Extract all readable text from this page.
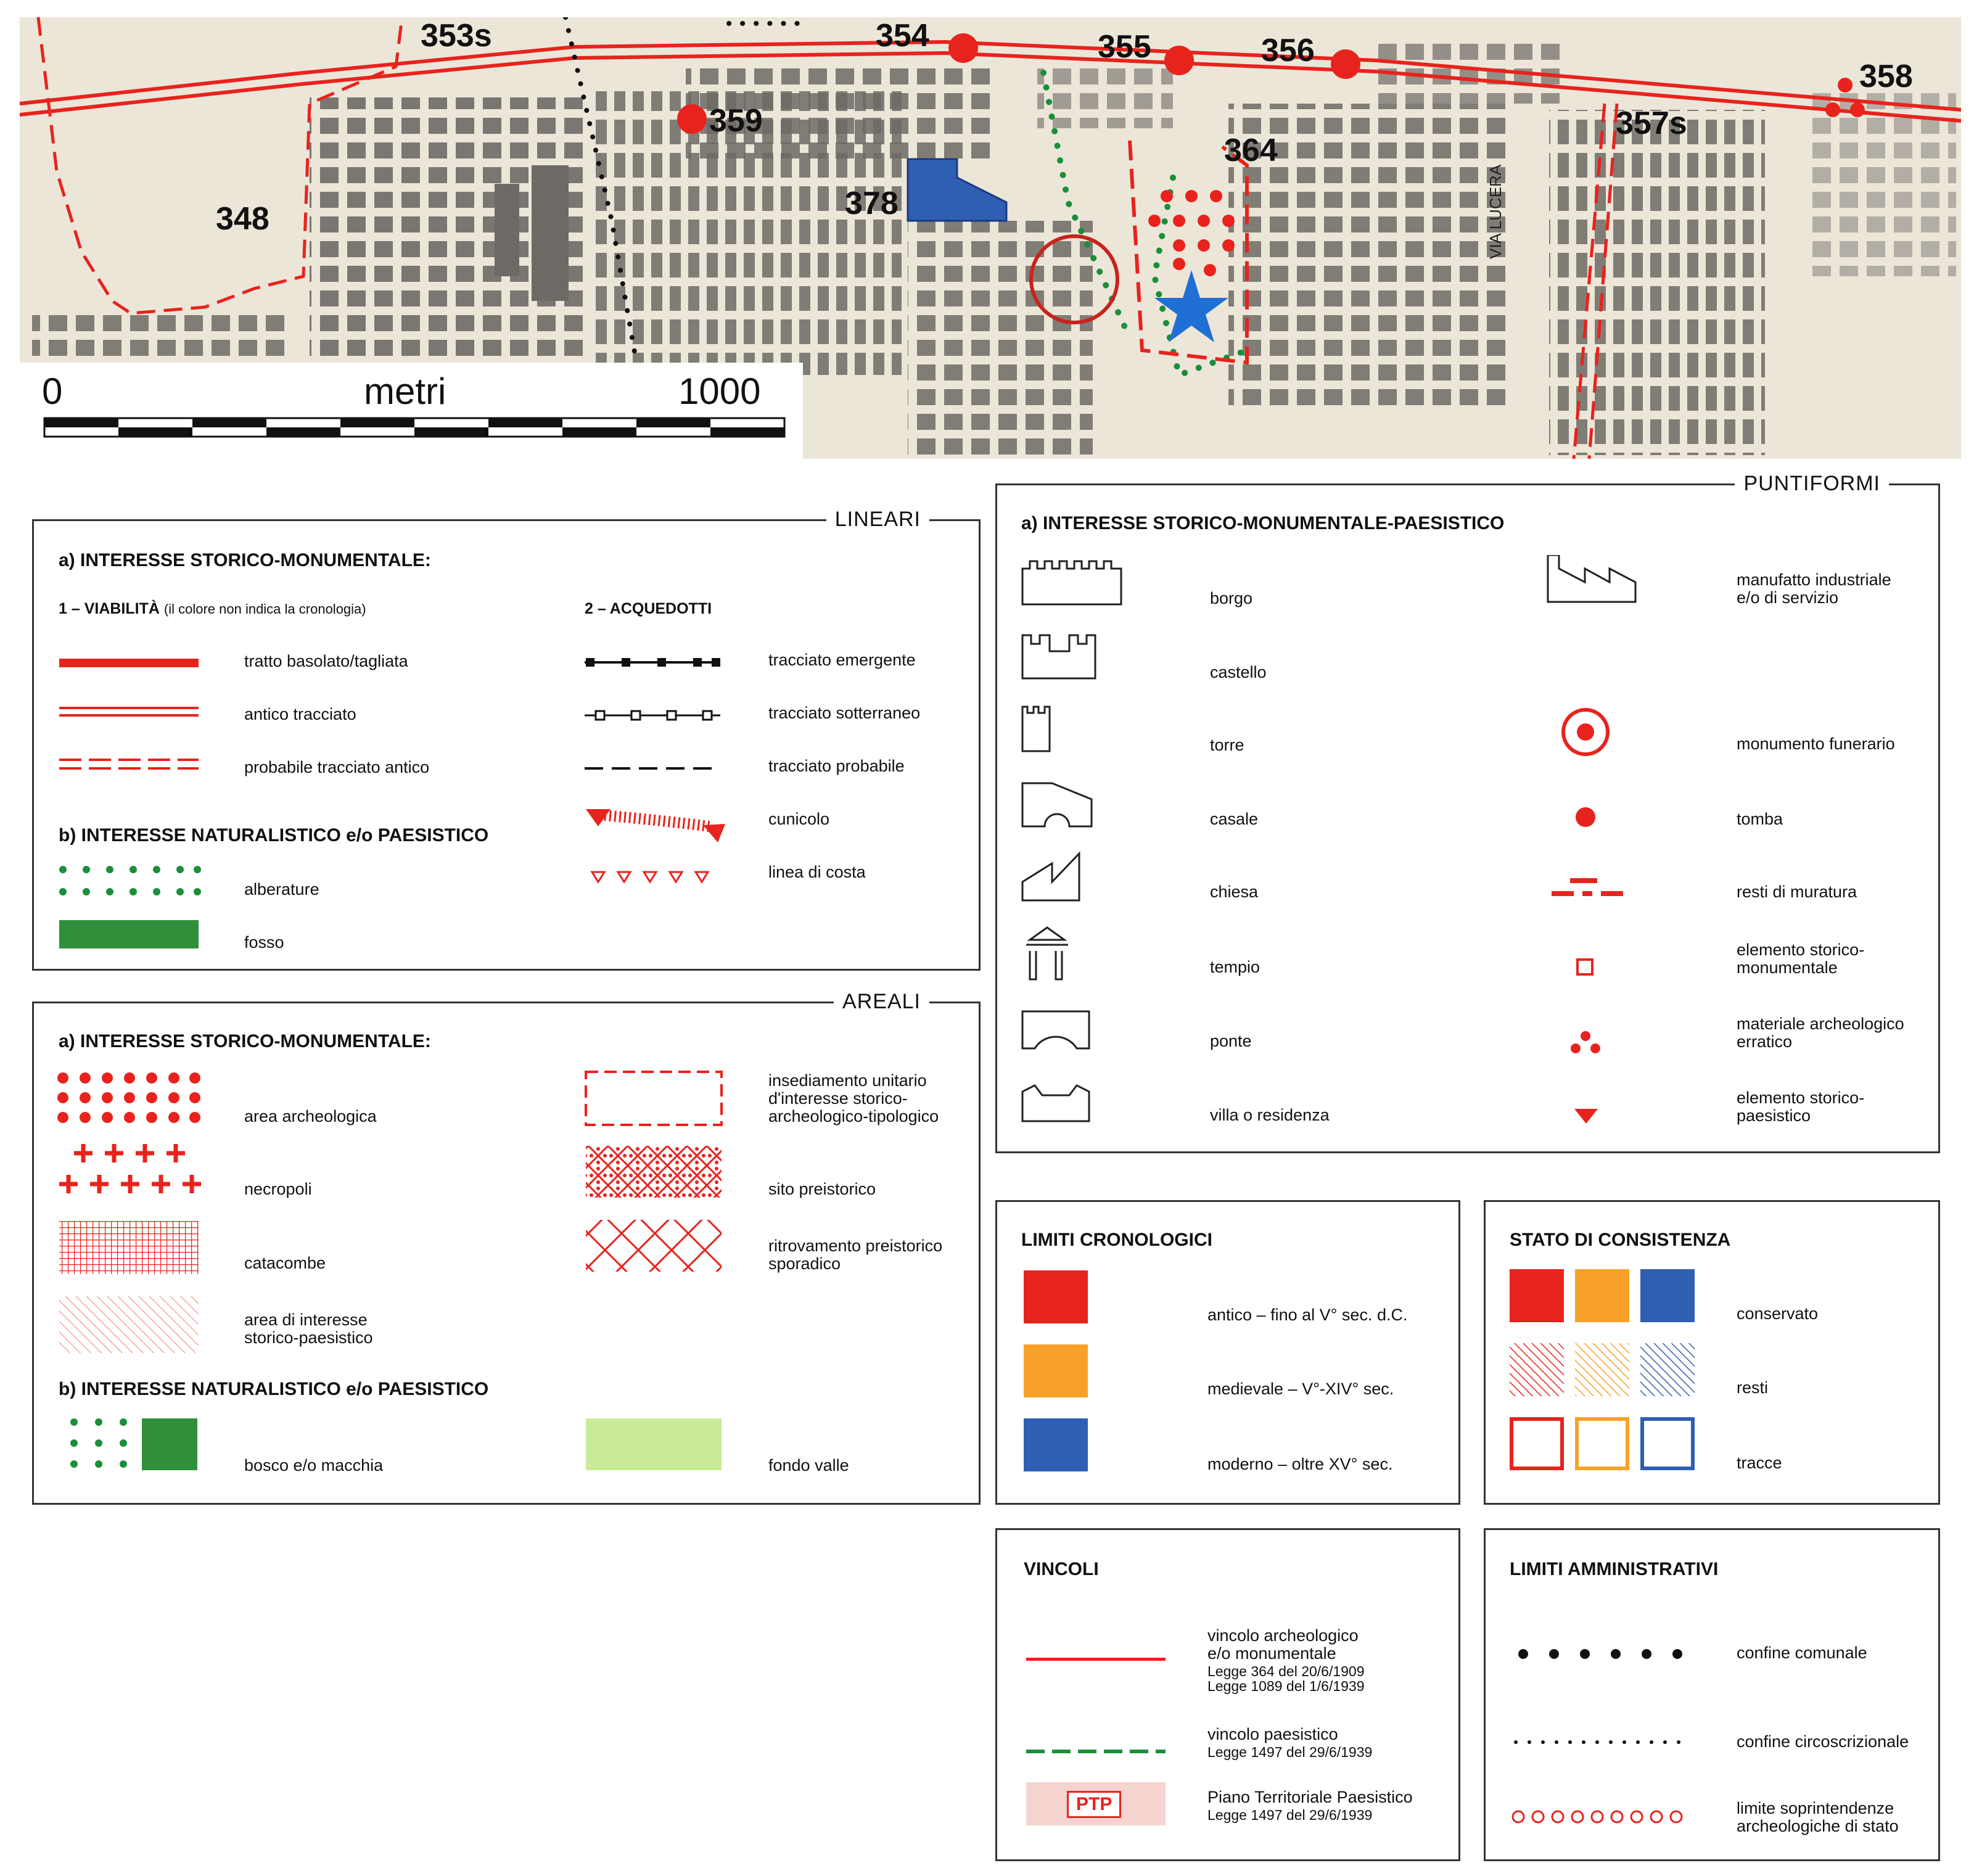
353s	354	355	356
358
357s
359
364
378
348	VIA LUCERA
0	metri	1000
LINEARI
a) INTERESSE STORICO-MONUMENTALE:
1 – VIABILITÀ (il colore non indica la cronologia)	2 – ACQUEDOTTI
tratto basolato/tagliata
antico tracciato
probabile tracciato antico
tracciato emergente
tracciato sotterraneo
tracciato probabile
cunicolo
linea di costa
b) INTERESSE NATURALISTICO e/o PAESISTICO
alberature
fosso
AREALI
a) INTERESSE STORICO-MONUMENTALE:
area archeologica
necropoli
catacombe
area di interesse
storico-paesistico
insediamento unitario
d'interesse storico-
archeologico-tipologico
sito preistorico
ritrovamento preistorico
sporadico
b) INTERESSE NATURALISTICO e/o PAESISTICO
bosco e/o macchia	fondo valle
PUNTIFORMI
a) INTERESSE STORICO-MONUMENTALE-PAESISTICO
borgo
castello
torre
casale
chiesa
tempio
ponte
villa o residenza
manufatto industriale
e/o di servizio
monumento funerario
tomba
resti di muratura
elemento storico-
monumentale
materiale archeologico
erratico
elemento storico-
paesistico
LIMITI CRONOLOGICI
antico – fino al V° sec. d.C.
medievale – V°-XIV° sec.
moderno – oltre XV° sec.
STATO DI CONSISTENZA
conservato
resti
tracce
VINCOLI
PTP
vincolo archeologico
e/o monumentale
Legge 364 del 20/6/1909
Legge 1089 del 1/6/1939
vincolo paesistico
Legge 1497 del 29/6/1939
Piano Territoriale Paesistico
Legge 1497 del 29/6/1939
LIMITI AMMINISTRATIVI
confine comunale
confine circoscrizionale
limite soprintendenze
archeologiche di stato
